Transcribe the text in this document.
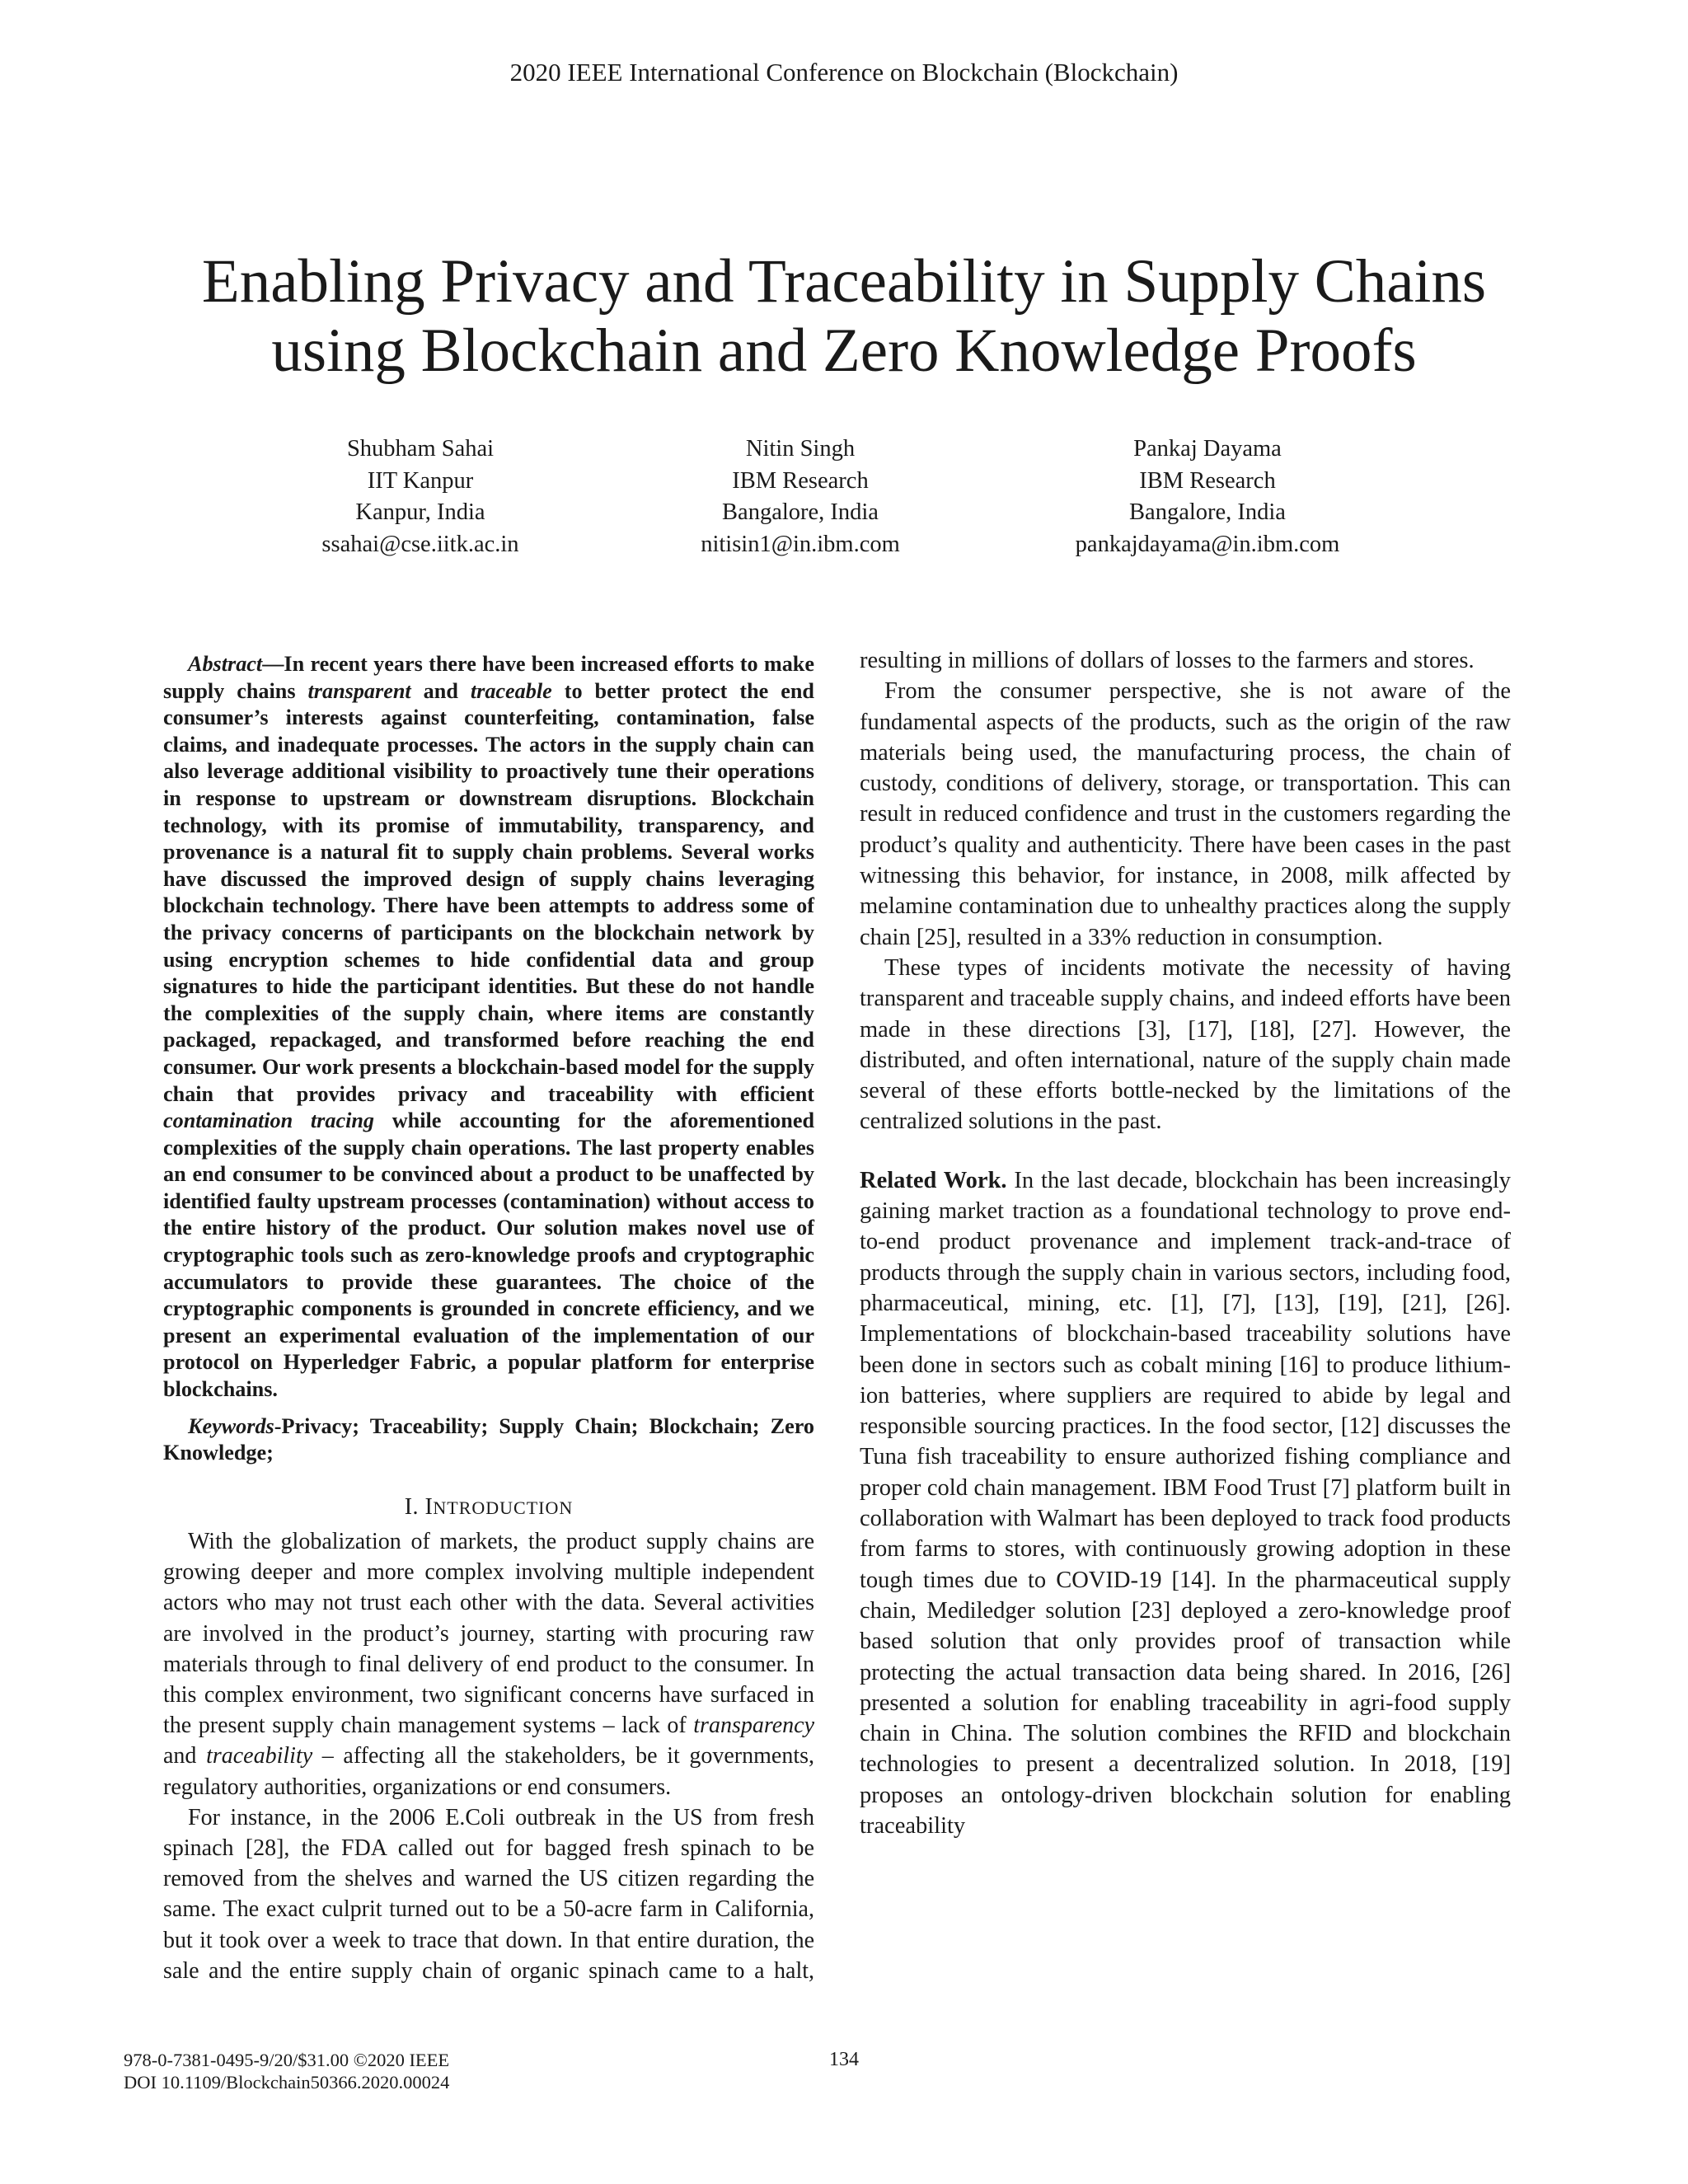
2020 IEEE International Conference on Blockchain (Blockchain)
Enabling Privacy and Traceability in Supply Chains
using Blockchain and Zero Knowledge Proofs
Shubham Sahai
IIT Kanpur
Kanpur, India
ssahai@cse.iitk.ac.in
Nitin Singh
IBM Research
Bangalore, India
nitisin1@in.ibm.com
Pankaj Dayama
IBM Research
Bangalore, India
pankajdayama@in.ibm.com

Abstract—In recent years there have been increased efforts to make supply chains transparent and traceable to better protect the end consumer’s interests against counterfeiting, contamination, false claims, and inadequate processes. The actors in the supply chain can also leverage additional visibility to proactively tune their operations in response to upstream or downstream disruptions. Blockchain technology, with its promise of immutability, transparency, and provenance is a natural fit to supply chain problems. Several works have discussed the improved design of supply chains leveraging blockchain technology. There have been attempts to address some of the privacy concerns of participants on the blockchain network by using encryption schemes to hide confidential data and group signatures to hide the participant identities. But these do not handle the complexities of the supply chain, where items are constantly packaged, repackaged, and transformed before reaching the end consumer. Our work presents a blockchain-based model for the supply chain that provides privacy and traceability with efficient contamination tracing while accounting for the aforementioned complexities of the supply chain operations. The last property enables an end consumer to be convinced about a product to be unaffected by identified faulty upstream processes (contamination) without access to the entire history of the product. Our solution makes novel use of cryptographic tools such as zero-knowledge proofs and cryptographic accumulators to provide these guarantees. The choice of the cryptographic components is grounded in concrete efficiency, and we present an experimental evaluation of the implementation of our protocol on Hyperledger Fabric, a popular platform for enterprise blockchains.

Keywords-Privacy; Traceability; Supply Chain; Blockchain; Zero Knowledge;

I. INTRODUCTION

With the globalization of markets, the product supply chains are growing deeper and more complex involving multiple independent actors who may not trust each other with the data. Several activities are involved in the product’s journey, starting with procuring raw materials through to final delivery of end product to the consumer. In this complex environment, two significant concerns have surfaced in the present supply chain management systems – lack of transparency and traceability – affecting all the stakeholders, be it governments, regulatory authorities, organizations or end consumers.

For instance, in the 2006 E.Coli outbreak in the US from fresh spinach [28], the FDA called out for bagged fresh spinach to be removed from the shelves and warned the US citizen regarding the same. The exact culprit turned out to be a 50-acre farm in California, but it took over a week to trace that down. In that entire duration, the sale and the entire supply chain of organic spinach came to a halt,

resulting in millions of dollars of losses to the farmers and stores.

From the consumer perspective, she is not aware of the fundamental aspects of the products, such as the origin of the raw materials being used, the manufacturing process, the chain of custody, conditions of delivery, storage, or transportation. This can result in reduced confidence and trust in the customers regarding the product’s quality and authenticity. There have been cases in the past witnessing this behavior, for instance, in 2008, milk affected by melamine contamination due to unhealthy practices along the supply chain [25], resulted in a 33% reduction in consumption.

These types of incidents motivate the necessity of having transparent and traceable supply chains, and indeed efforts have been made in these directions [3], [17], [18], [27]. However, the distributed, and often international, nature of the supply chain made several of these efforts bottle-necked by the limitations of the centralized solutions in the past.

Related Work. In the last decade, blockchain has been increasingly gaining market traction as a foundational technology to prove end-to-end product provenance and implement track-and-trace of products through the supply chain in various sectors, including food, pharmaceutical, mining, etc. [1], [7], [13], [19], [21], [26]. Implementations of blockchain-based traceability solutions have been done in sectors such as cobalt mining [16] to produce lithium-ion batteries, where suppliers are required to abide by legal and responsible sourcing practices. In the food sector, [12] discusses the Tuna fish traceability to ensure authorized fishing compliance and proper cold chain management. IBM Food Trust [7] platform built in collaboration with Walmart has been deployed to track food products from farms to stores, with continuously growing adoption in these tough times due to COVID-19 [14]. In the pharmaceutical supply chain, Mediledger solution [23] deployed a zero-knowledge proof based solution that only provides proof of transaction while protecting the actual transaction data being shared. In 2016, [26] presented a solution for enabling traceability in agri-food supply chain in China. The solution combines the RFID and blockchain technologies to present a decentralized solution. In 2018, [19] proposes an ontology-driven blockchain solution for enabling traceability

978-0-7381-0495-9/20/$31.00 ©2020 IEEE
DOI 10.1109/Blockchain50366.2020.00024
134
